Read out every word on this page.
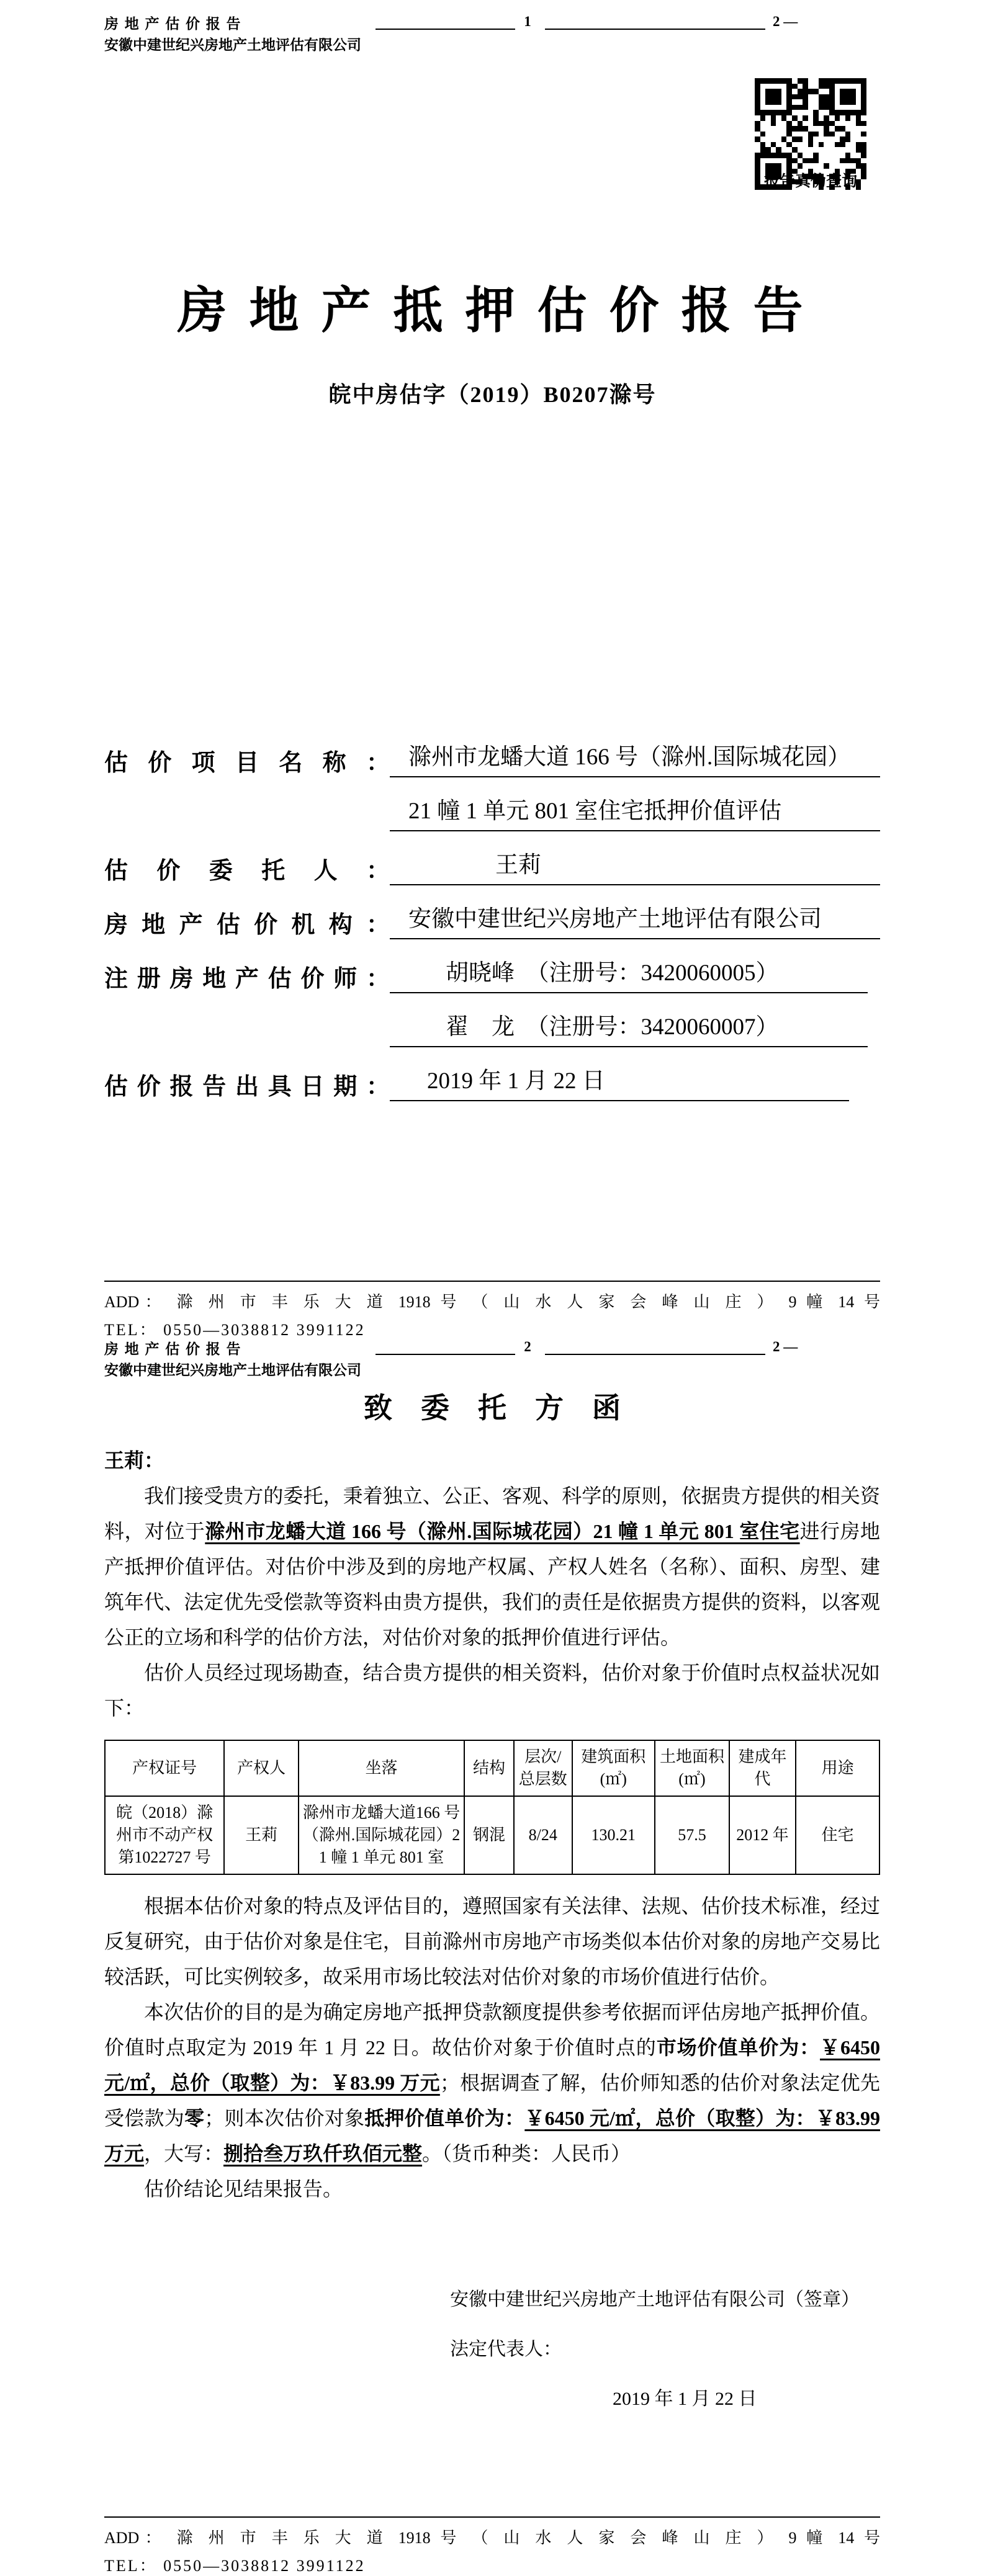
房 地 产 估 价 报 告
安徽中建世纪兴房地产土地评估有限公司
1	2 —
报告真伪查询
房 地 产 抵 押 估 价 报 告
皖中房估字（2019）B0207滁号
估价项目名称： 滁州市龙蟠大道 166 号（滁州.国际城花园）
21 幢 1 单元 801 室住宅抵押价值评估
估价委托人：	王莉
房地产估价机构： 安徽中建世纪兴房地产土地评估有限公司
注册房地产估价师：	胡晓峰　（注册号：3420060005）
翟　龙　（注册号：3420060007）
估价报告出具日期：	2019 年 1 月 22 日
ADD： 滁 州 市 丰 乐 大 道 1918 号 （ 山 水 人 家 会 峰 山 庄 ） 9 幢 14 号
TEL： 0550—3038812 3991122
房 地 产 估 价 报 告
安徽中建世纪兴房地产土地评估有限公司
2	2 —
致　委　托　方　函

王莉：

我们接受贵方的委托，秉着独立、公正、客观、科学的原则，依据贵方提供的相关资料，对位于滁州市龙蟠大道 166 号（滁州.国际城花园）21 幢 1 单元 801 室住宅进行房地产抵押价值评估。对估价中涉及到的房地产权属、产权人姓名（名称）、面积、房型、建筑年代、法定优先受偿款等资料由贵方提供，我们的责任是依据贵方提供的资料，以客观公正的立场和科学的估价方法，对估价对象的抵押价值进行评估。

估价人员经过现场勘查，结合贵方提供的相关资料，估价对象于价值时点权益状况如下：

产权证号	产权人	坐落	结构	层次/总层数	建筑面积(㎡)	土地面积(㎡)	建成年代	用途
皖（2018）滁州市不动产权第1022727 号	王莉	滁州市龙蟠大道166 号（滁州.国际城花园）21 幢 1 单元 801 室	钢混	8/24	130.21	57.5	2012 年	住宅

根据本估价对象的特点及评估目的，遵照国家有关法律、法规、估价技术标准，经过反复研究，由于估价对象是住宅，目前滁州市房地产市场类似本估价对象的房地产交易比较活跃，可比实例较多，故采用市场比较法对估价对象的市场价值进行估价。

本次估价的目的是为确定房地产抵押贷款额度提供参考依据而评估房地产抵押价值。价值时点取定为 2019 年 1 月 22 日。故估价对象于价值时点的市场价值单价为：￥6450元/㎡，总价（取整）为：￥83.99 万元；根据调查了解，估价师知悉的估价对象法定优先受偿款为零；则本次估价对象抵押价值单价为：￥6450 元/㎡，总价（取整）为：￥83.99万元，大写：捌拾叁万玖仟玖佰元整。（货币种类：人民币）

估价结论见结果报告。

安徽中建世纪兴房地产土地评估有限公司（签章）
法定代表人：
2019 年 1 月 22 日
ADD： 滁 州 市 丰 乐 大 道 1918 号 （ 山 水 人 家 会 峰 山 庄 ） 9 幢 14 号
TEL： 0550—3038812 3991122
